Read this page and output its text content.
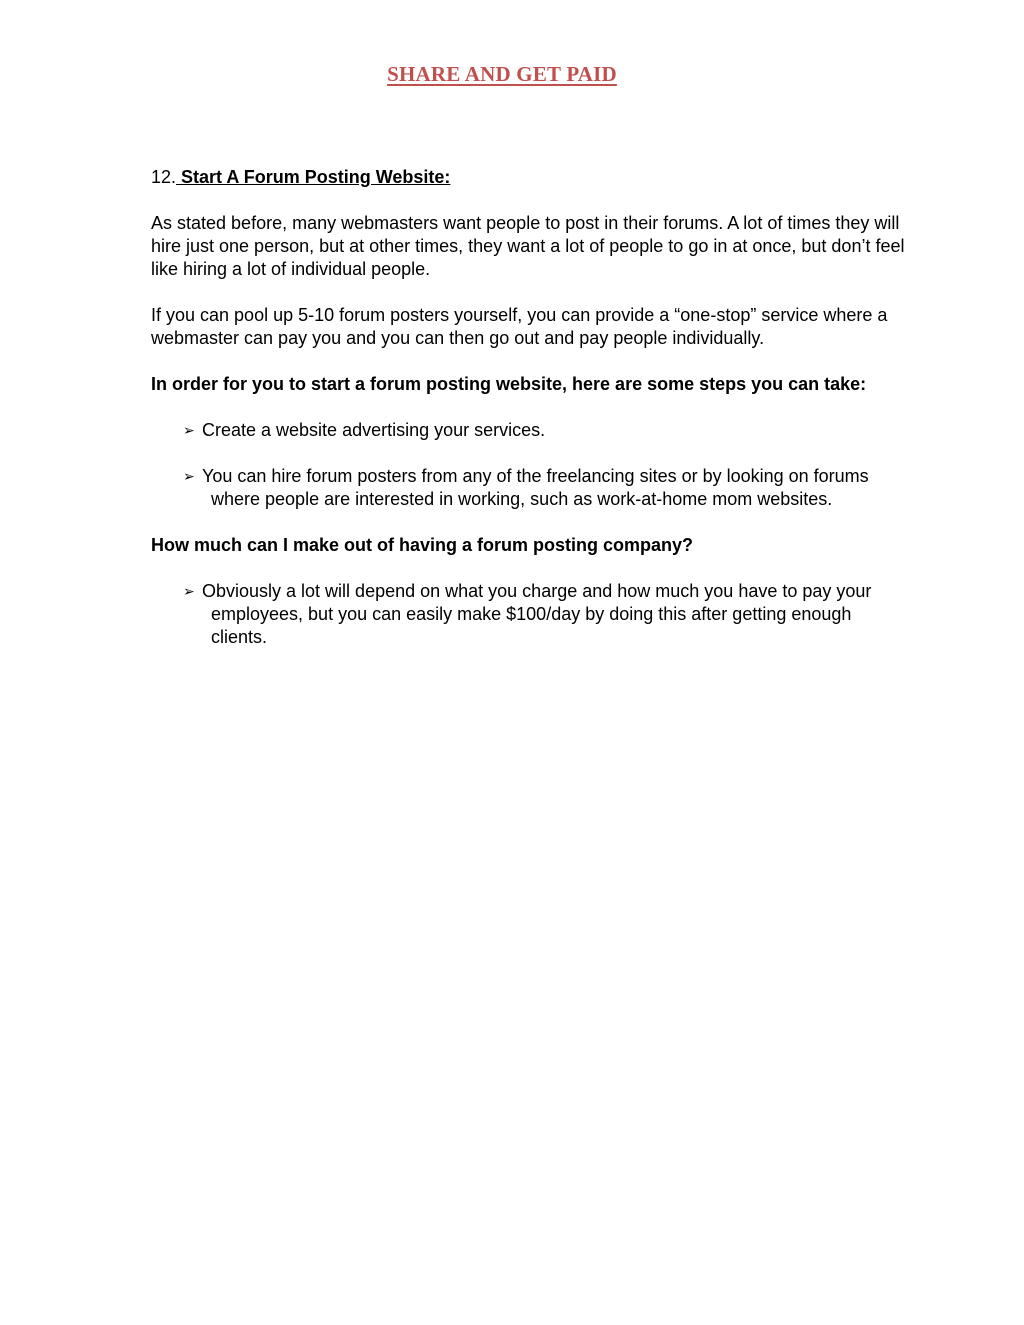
SHARE AND GET PAID
12. Start A Forum Posting Website:

As stated before, many webmasters want people to post in their forums. A lot of times they will hire just one person, but at other times, they want a lot of people to go in at once, but don’t feel like hiring a lot of individual people.

If you can pool up 5-10 forum posters yourself, you can provide a “one-stop” service where a webmaster can pay you and you can then go out and pay people individually.

In order for you to start a forum posting website, here are some steps you can take:

➢ Create a website advertising your services.
➢ You can hire forum posters from any of the freelancing sites or by looking on forums where people are interested in working, such as work-at-home mom websites.

How much can I make out of having a forum posting company?

➢ Obviously a lot will depend on what you charge and how much you have to pay your employees, but you can easily make $100/day by doing this after getting enough clients.
